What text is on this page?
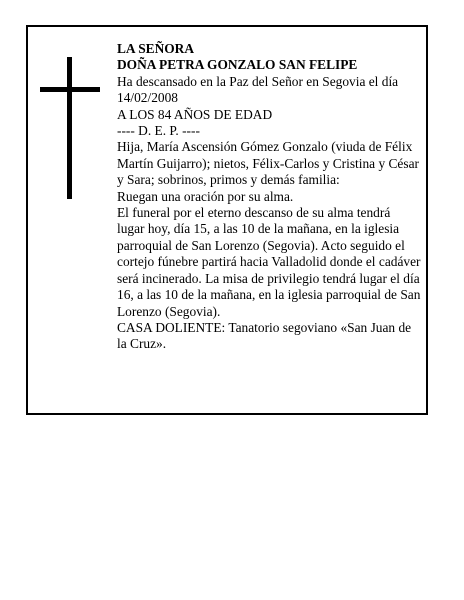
LA SEÑORA

DOÑA PETRA GONZALO SAN FELIPE

Ha descansado en la Paz del Señor en Segovia el día 14/02/2008

A LOS 84 AÑOS DE EDAD

---- D. E. P. ----

Hija, María Ascensión Gómez Gonzalo (viuda de Félix Martín Guijarro); nietos, Félix-Carlos y Cristina y César y Sara; sobrinos, primos y demás familia:

Ruegan una oración por su alma.

El funeral por el eterno descanso de su alma tendrá lugar hoy, día 15, a las 10 de la mañana, en la iglesia parroquial de San Lorenzo (Segovia). Acto seguido el cortejo fúnebre partirá hacia Valladolid donde el cadáver será incinerado. La misa de privilegio tendrá lugar el día 16, a las 10 de la mañana, en la iglesia parroquial de San Lorenzo (Segovia).

CASA DOLIENTE: Tanatorio segoviano «San Juan de la Cruz».
